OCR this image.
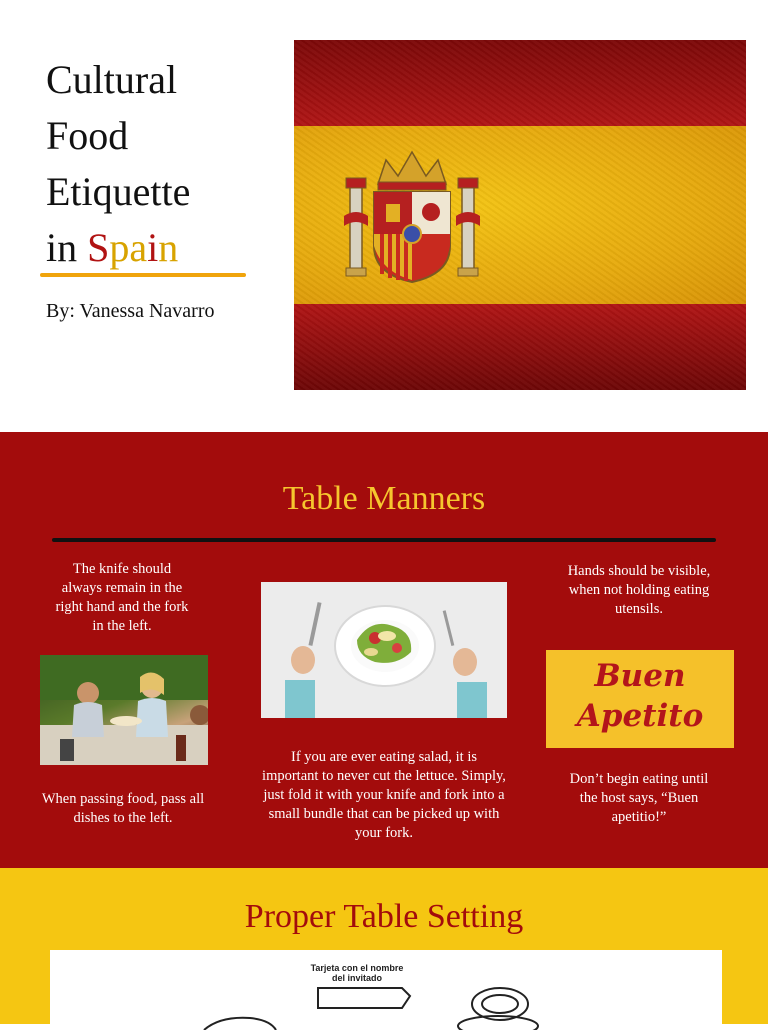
Cultural
Food
Etiquette
in Spain
By: Vanessa Navarro
Table Manners
The knife should always remain in the right hand and the fork in the left.
When passing food, pass all dishes to the left.
If you are ever eating salad, it is important to never cut the lettuce. Simply, just fold it with your knife and fork into a small bundle that can be picked up with your fork.
Hands should be visible, when not holding eating utensils.
Buen
Apetito
Don’t begin eating until the host says, “Buen apetitio!”
Proper Table Setting
Tarjeta con el nombre
del invitado
